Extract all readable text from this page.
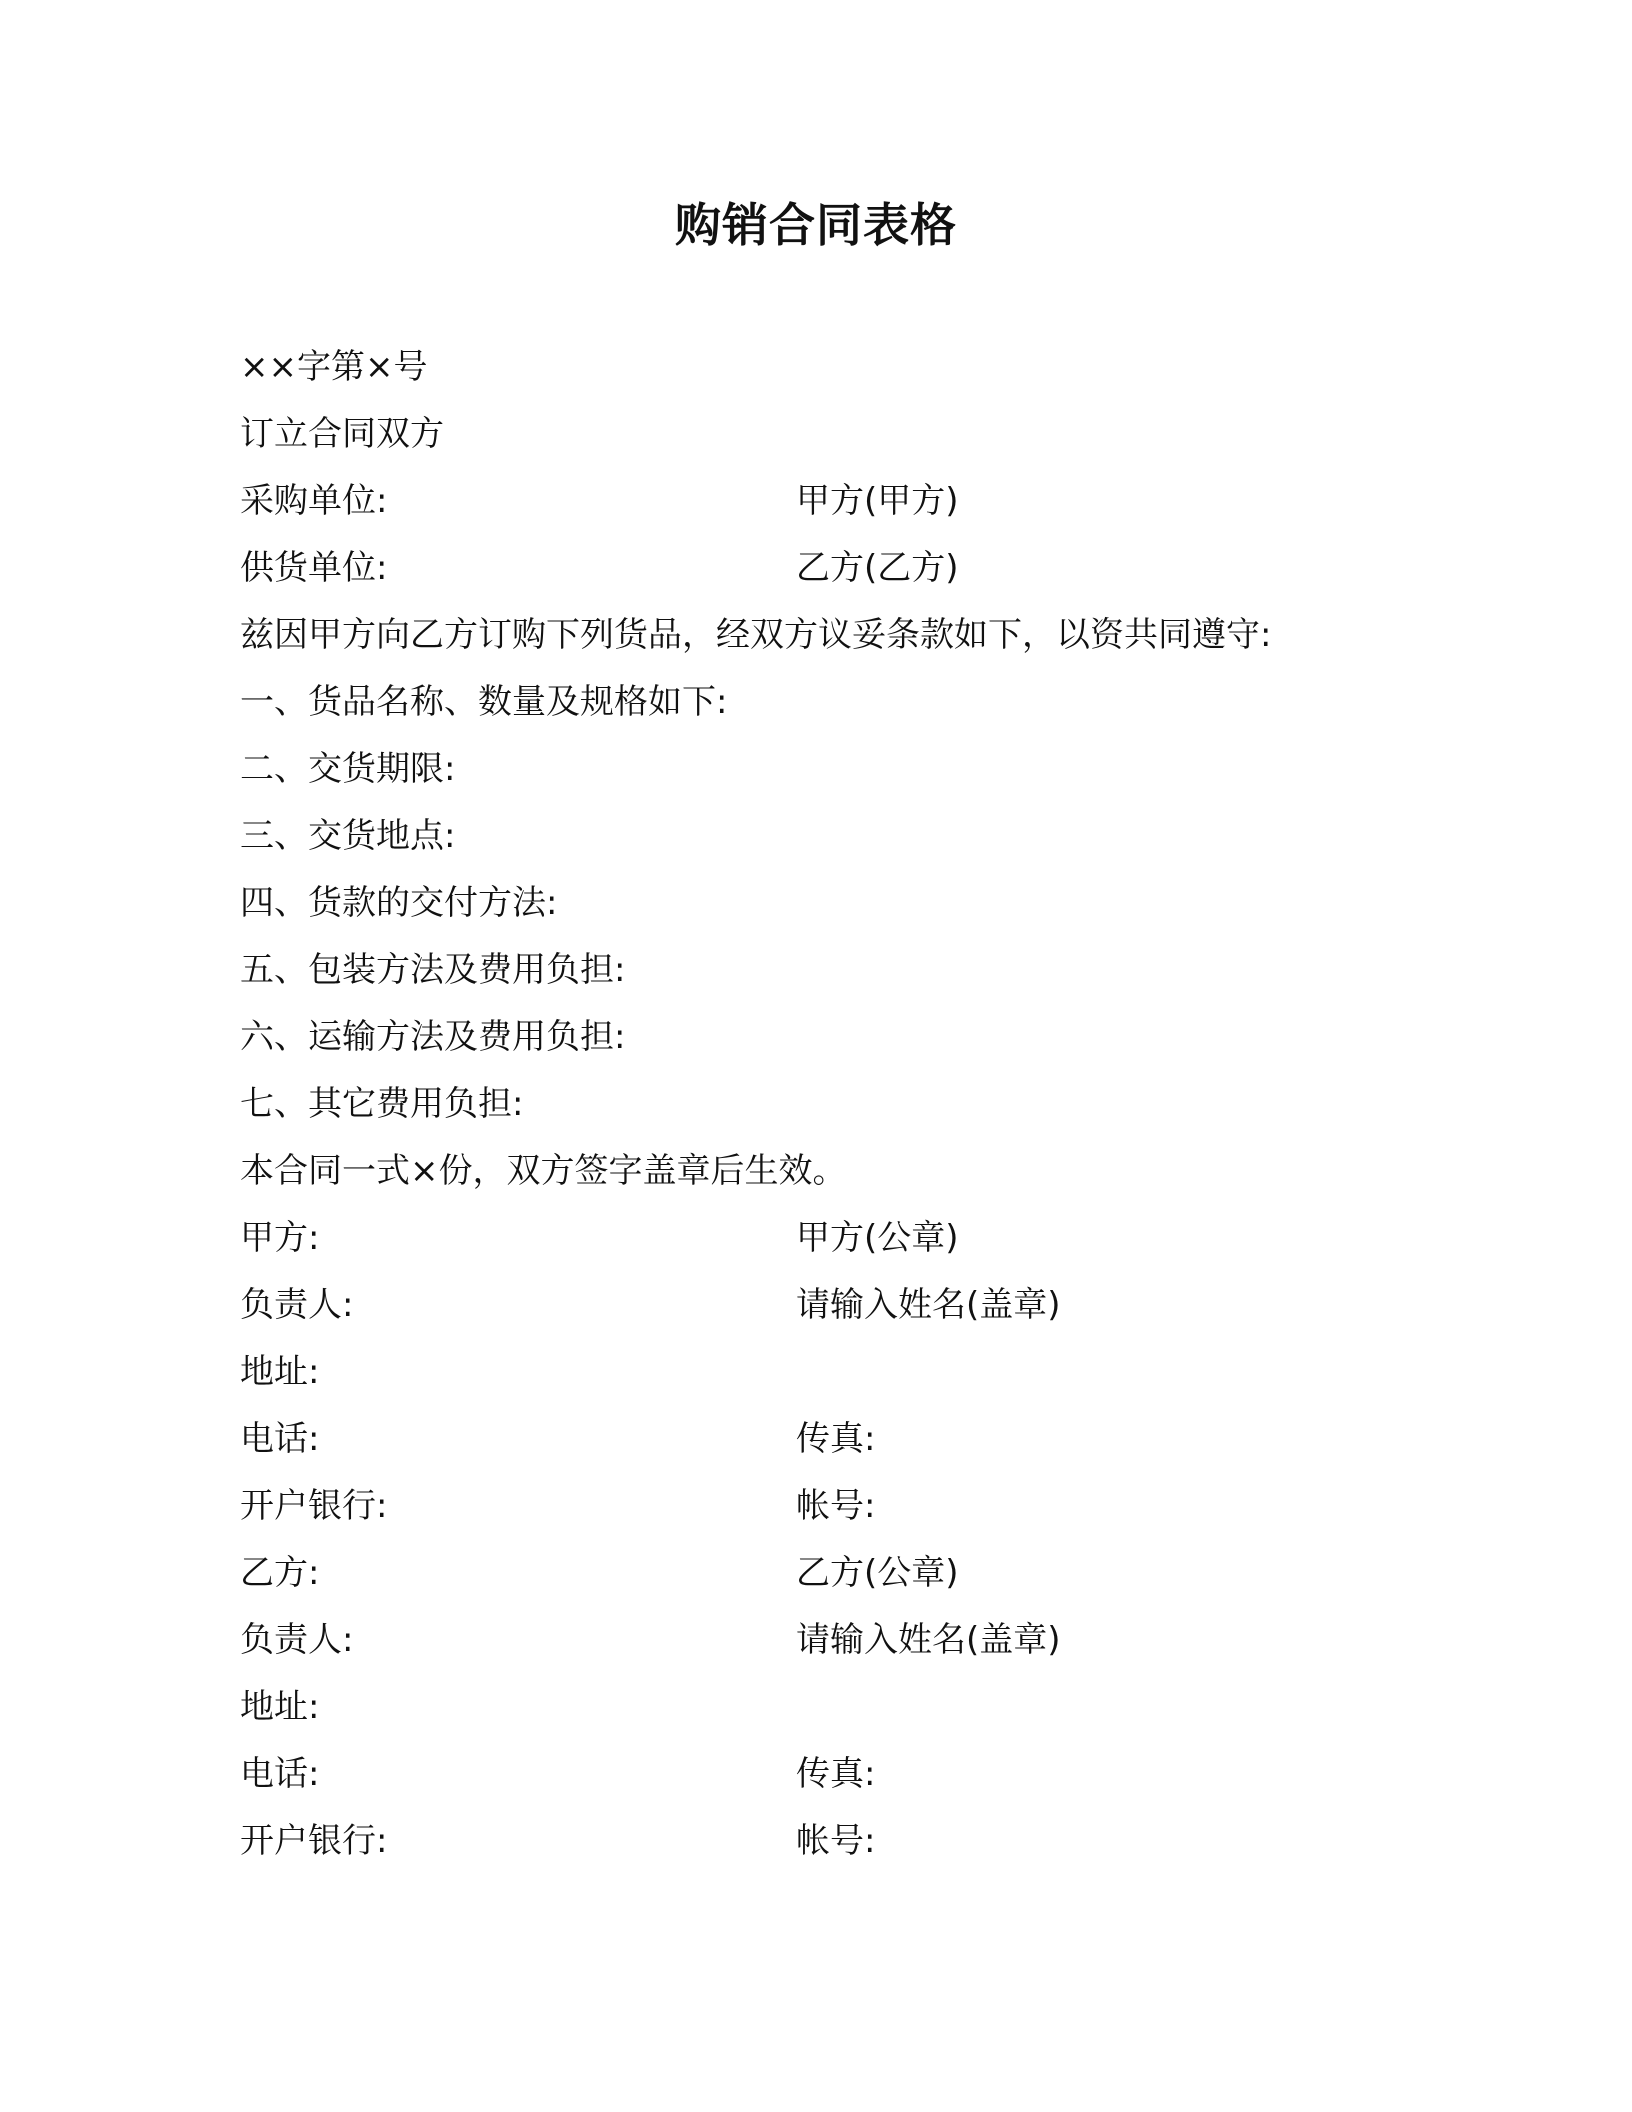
购销合同表格
××字第×号
订立合同双方
采购单位:	甲方(甲方)
供货单位:	乙方(乙方)
兹因甲方向乙方订购下列货品，经双方议妥条款如下，以资共同遵守:
一、货品名称、数量及规格如下:
二、交货期限:
三、交货地点:
四、货款的交付方法:
五、包装方法及费用负担:
六、运输方法及费用负担:
七、其它费用负担:
本合同一式×份，双方签字盖章后生效。
甲方:	甲方(公章)
负责人:	请输入姓名(盖章)
地址:
电话:	传真:
开户银行:	帐号:
乙方:	乙方(公章)
负责人:	请输入姓名(盖章)
地址:
电话:	传真:
开户银行:	帐号:
